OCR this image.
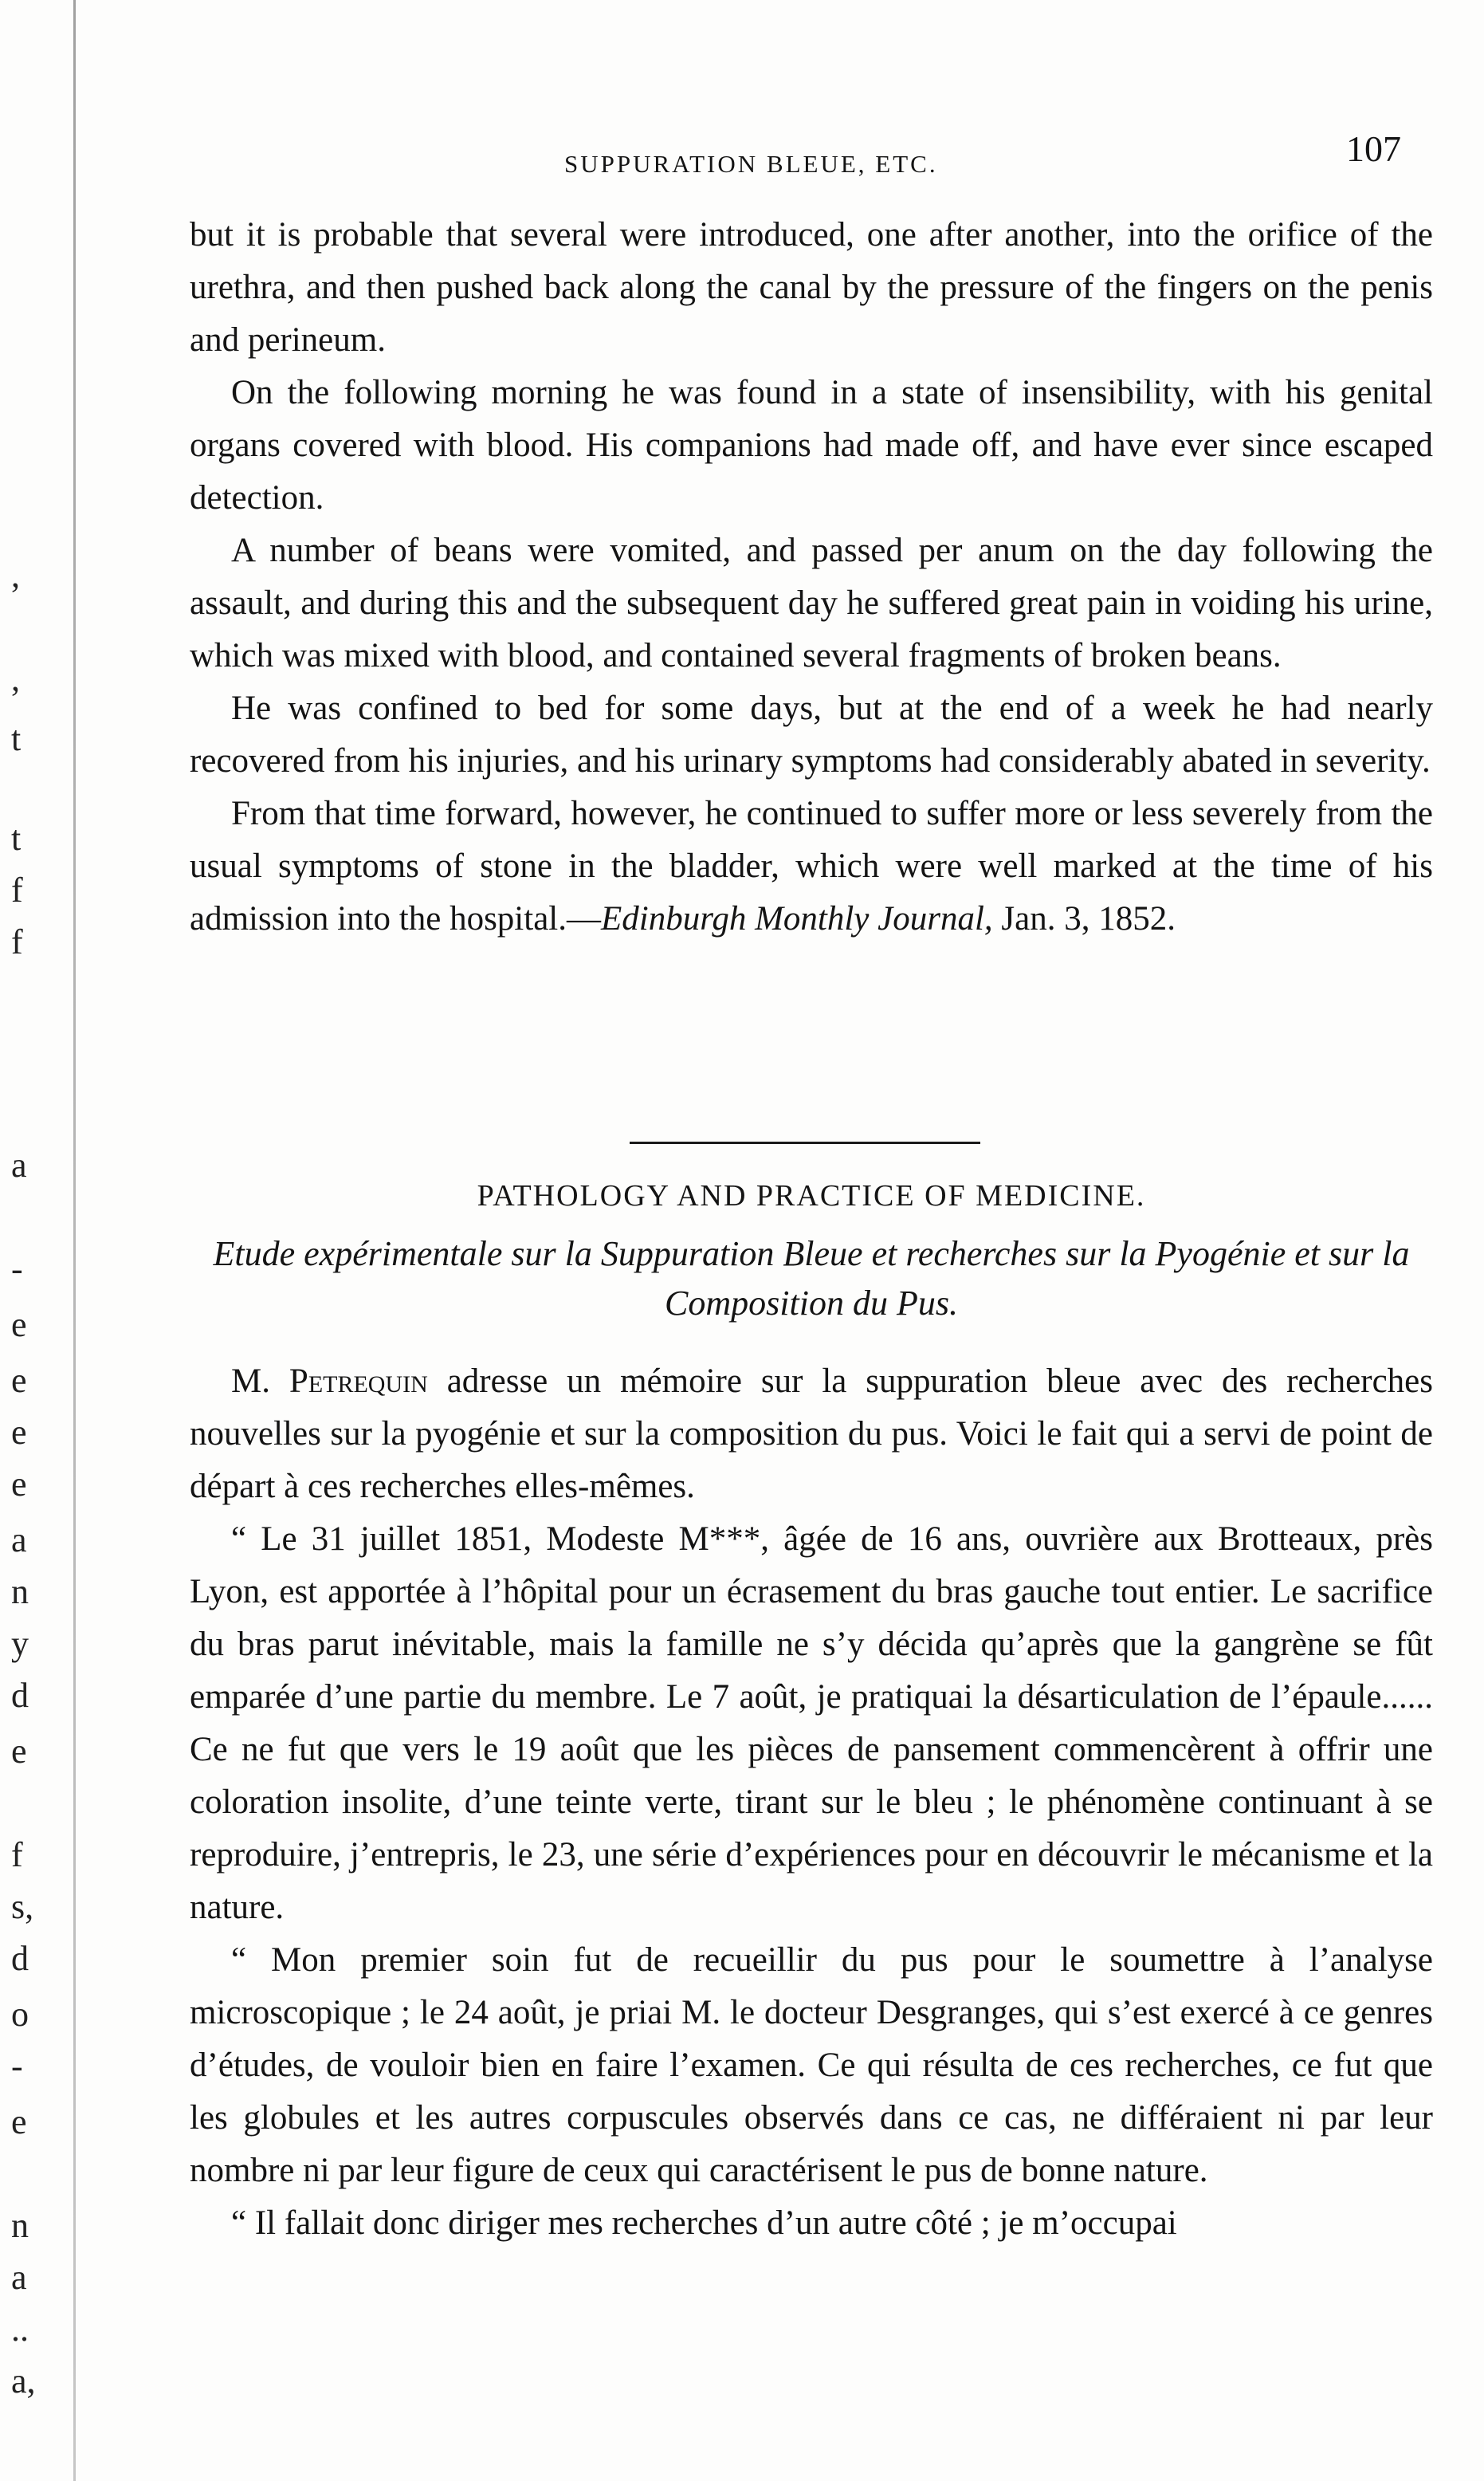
,
,
t
t
f
f
a
-
e
e
e
e
a
n
y
d
e
f
s,
d
o
-
e
n
a
..
a,
SUPPURATION BLEUE, ETC.	107

but it is probable that several were introduced, one after another, into the orifice of the urethra, and then pushed back along the canal by the pressure of the fingers on the penis and perineum.

On the following morning he was found in a state of insensibility, with his genital organs covered with blood. His companions had made off, and have ever since escaped detection.

A number of beans were vomited, and passed per anum on the day following the assault, and during this and the subsequent day he suffered great pain in voiding his urine, which was mixed with blood, and contained several fragments of broken beans.

He was confined to bed for some days, but at the end of a week he had nearly recovered from his injuries, and his urinary symptoms had considerably abated in severity.

From that time forward, however, he continued to suffer more or less severely from the usual symptoms of stone in the bladder, which were well marked at the time of his admission into the hospital.—Edinburgh Monthly Journal, Jan. 3, 1852.

PATHOLOGY AND PRACTICE OF MEDICINE.
Etude expérimentale sur la Suppuration Bleue et recherches sur la Pyogénie et sur la Composition du Pus.

M. Petrequin adresse un mémoire sur la suppuration bleue avec des recherches nouvelles sur la pyogénie et sur la composition du pus. Voici le fait qui a servi de point de départ à ces recherches elles-mêmes.

“ Le 31 juillet 1851, Modeste M***, âgée de 16 ans, ouvrière aux Brotteaux, près Lyon, est apportée à l’hôpital pour un écrasement du bras gauche tout entier. Le sacrifice du bras parut inévitable, mais la famille ne s’y décida qu’après que la gangrène se fût emparée d’une partie du membre. Le 7 août, je pratiquai la désarticulation de l’épaule...... Ce ne fut que vers le 19 août que les pièces de pansement commencèrent à offrir une coloration insolite, d’une teinte verte, tirant sur le bleu ; le phénomène continuant à se reproduire, j’entrepris, le 23, une série d’expériences pour en découvrir le mécanisme et la nature.

“ Mon premier soin fut de recueillir du pus pour le soumettre à l’analyse microscopique ; le 24 août, je priai M. le docteur Desgranges, qui s’est exercé à ce genres d’études, de vouloir bien en faire l’examen. Ce qui résulta de ces recherches, ce fut que les globules et les autres corpuscules observés dans ce cas, ne différaient ni par leur nombre ni par leur figure de ceux qui caractérisent le pus de bonne nature.

“ Il fallait donc diriger mes recherches d’un autre côté ; je m’occupai
